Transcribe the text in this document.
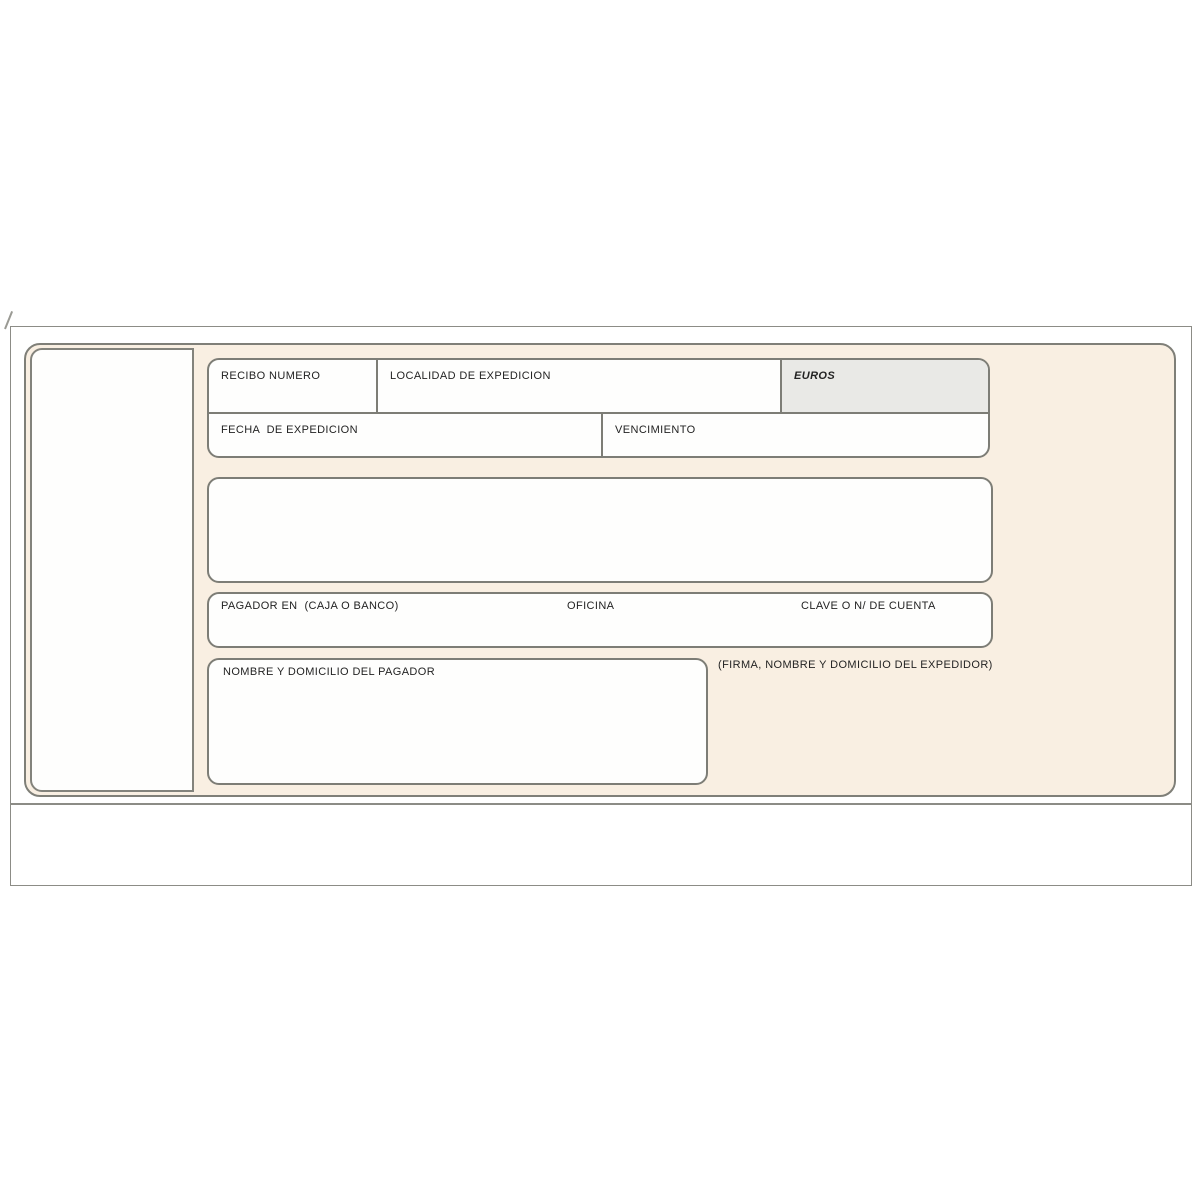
RECIBO NUMERO	LOCALIDAD DE EXPEDICION	EUROS
FECHA  DE EXPEDICION	VENCIMIENTO
PAGADOR EN  (CAJA O BANCO)	OFICINA	CLAVE O N/ DE CUENTA
NOMBRE Y DOMICILIO DEL PAGADOR
(FIRMA, NOMBRE Y DOMICILIO DEL EXPEDIDOR)
